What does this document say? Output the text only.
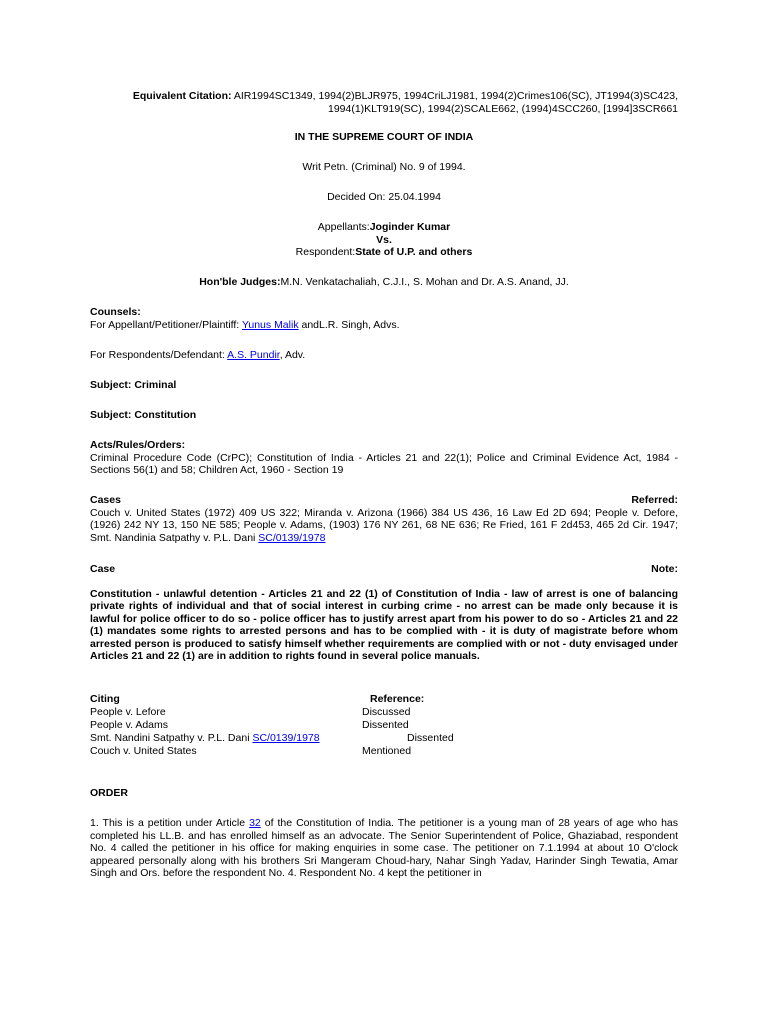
Equivalent Citation: AIR1994SC1349, 1994(2)BLJR975, 1994CriLJ1981, 1994(2)Crimes106(SC), JT1994(3)SC423,
1994(1)KLT919(SC), 1994(2)SCALE662, (1994)4SCC260, [1994]3SCR661
IN THE SUPREME COURT OF INDIA
Writ Petn. (Criminal) No. 9 of 1994.
Decided On: 25.04.1994
Appellants:Joginder Kumar
Vs.
Respondent:State of U.P. and others
Hon'ble Judges:M.N. Venkatachaliah, C.J.I., S. Mohan and Dr. A.S. Anand, JJ.
Counsels:
For Appellant/Petitioner/Plaintiff: Yunus Malik andL.R. Singh, Advs.
For Respondents/Defendant: A.S. Pundir, Adv.
Subject: Criminal
Subject: Constitution
Acts/Rules/Orders:
Criminal Procedure Code (CrPC); Constitution of India - Articles 21 and 22(1); Police and Criminal Evidence Act, 1984 - Sections 56(1) and 58; Children Act, 1960 - Section 19
Cases	Referred:
Couch v. United States (1972) 409 US 322; Miranda v. Arizona (1966) 384 US 436, 16 Law Ed 2D 694; People v. Defore, (1926) 242 NY 13, 150 NE 585; People v. Adams, (1903) 176 NY 261, 68 NE 636; Re Fried, 161 F 2d453, 465 2d Cir. 1947; Smt. Nandinia Satpathy v. P.L. Dani SC/0139/1978
Case	Note:
Constitution - unlawful detention - Articles 21 and 22 (1) of Constitution of India - law of arrest is one of balancing private rights of individual and that of social interest in curbing crime - no arrest can be made only because it is lawful for police officer to do so - police officer has to justify arrest apart from his power to do so - Articles 21 and 22 (1) mandates some rights to arrested persons and has to be complied with - it is duty of magistrate before whom arrested person is produced to satisfy himself whether requirements are complied with or not - duty envisaged under Articles 21 and 22 (1) are in addition to rights found in several police manuals.
Citing	Reference:
People v. Lefore	Discussed
People v. Adams	Dissented
Smt. Nandini Satpathy v. P.L. Dani SC/0139/1978	Dissented
Couch v. United States	Mentioned
ORDER
1. This is a petition under Article 32 of the Constitution of India. The petitioner is a young man of 28 years of age who has completed his LL.B. and has enrolled himself as an advocate. The Senior Superintendent of Police, Ghaziabad, respondent No. 4 called the petitioner in his office for making enquiries in some case. The petitioner on 7.1.1994 at about 10 O'clock appeared personally along with his brothers Sri Mangeram Choud-hary, Nahar Singh Yadav, Harinder Singh Tewatia, Amar Singh and Ors. before the respondent No. 4. Respondent No. 4 kept the petitioner in
